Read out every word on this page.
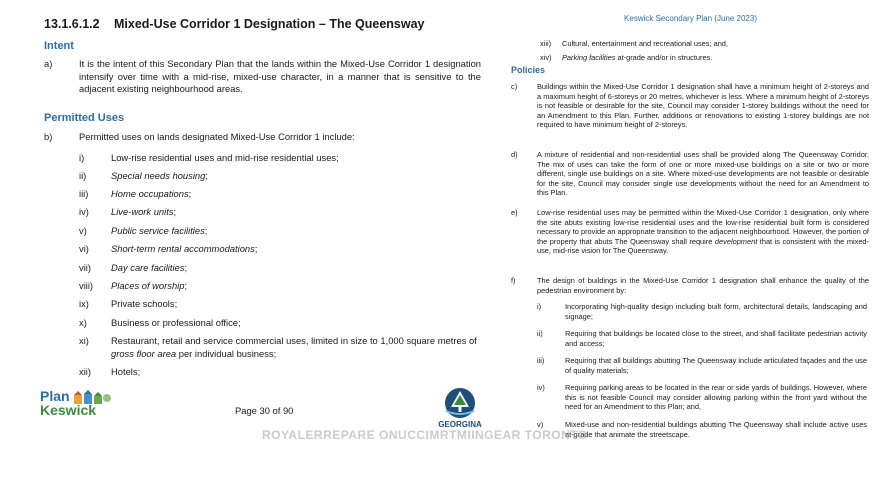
13.1.6.1.2 Mixed-Use Corridor 1 Designation – The Queensway
Intent
a)	It is the intent of this Secondary Plan that the lands within the Mixed-Use Corridor 1 designation intensify over time with a mid-rise, mixed-use character, in a manner that is sensitive to the adjacent existing neighbourhood areas.
Permitted Uses
b)	Permitted uses on lands designated Mixed-Use Corridor 1 include:
i)	Low-rise residential uses and mid-rise residential uses;
ii)	Special needs housing;
iii) Home occupations;
iv) Live-work units;
v)	Public service facilities;
vi) Short-term rental accommodations;
vii) Day care facilities;
viii) Places of worship;
ix) Private schools;
x)	Business or professional office;
xi) Restaurant, retail and service commercial uses, limited in size to 1,000 square metres of gross floor area per individual business;
xii) Hotels;
Plan
Keswick	Page 30 of 90
GEORGINA
Keswick Secondary Plan (June 2023)
xiii) Cultural, entertainment and recreational uses; and,
xiv) Parking facilities at-grade and/or in structures.
Policies
c)	Buildings within the Mixed-Use Corridor 1 designation shall have a minimum height of 2-storeys and a maximum height of 6-storeys or 20 metres, whichever is less. Where a minimum height of 2-storeys is not feasible or desirable for the site, Council may consider 1-storey buildings without the need for an Amendment to this Plan. Further, additions or renovations to existing 1-storey buildings are not required to have minimum height of 2-storeys.
d)	A mixture of residential and non-residential uses shall be provided along The Queensway Corridor. The mix of uses can take the form of one or more mixed-use buildings on a site or two or more different, single use buildings on a site. Where mixed-use developments are not feasible or desirable for the site, Council may consider single use developments without the need for an Amendment to this Plan.
e)	Low-rise residential uses may be permitted within the Mixed-Use Corridor 1 designation, only where the site abuts existing low-rise residential uses and the low-rise residential built form is considered necessary to provide an appropriate transition to the adjacent neighbourhood. However, the portion of the property that abuts The Queensway shall require development that is consistent with the mixed-use, mid-rise vision for The Queensway.
f)	The design of buildings in the Mixed-Use Corridor 1 designation shall enhance the quality of the pedestrian environment by:
i)	Incorporating high-quality design including built form, architectural details, landscaping and signage;
ii)	Requiring that buildings be located close to the street, and shall facilitate pedestrian activity and access;
iii)	Requiring that all buildings abutting The Queensway include articulated façades and the use of quality materials;
iv)	Requiring parking areas to be located in the rear or side yards of buildings. However, where this is not feasible Council may consider allowing parking within the front yard without the need for an Amendment to this Plan; and,
v)	Mixed-use and non-residential buildings abutting The Queensway shall include active uses at-grade that animate the streetscape.
ROYALERREPARE ONUCCIMRTMIINGEAR TORONTO
